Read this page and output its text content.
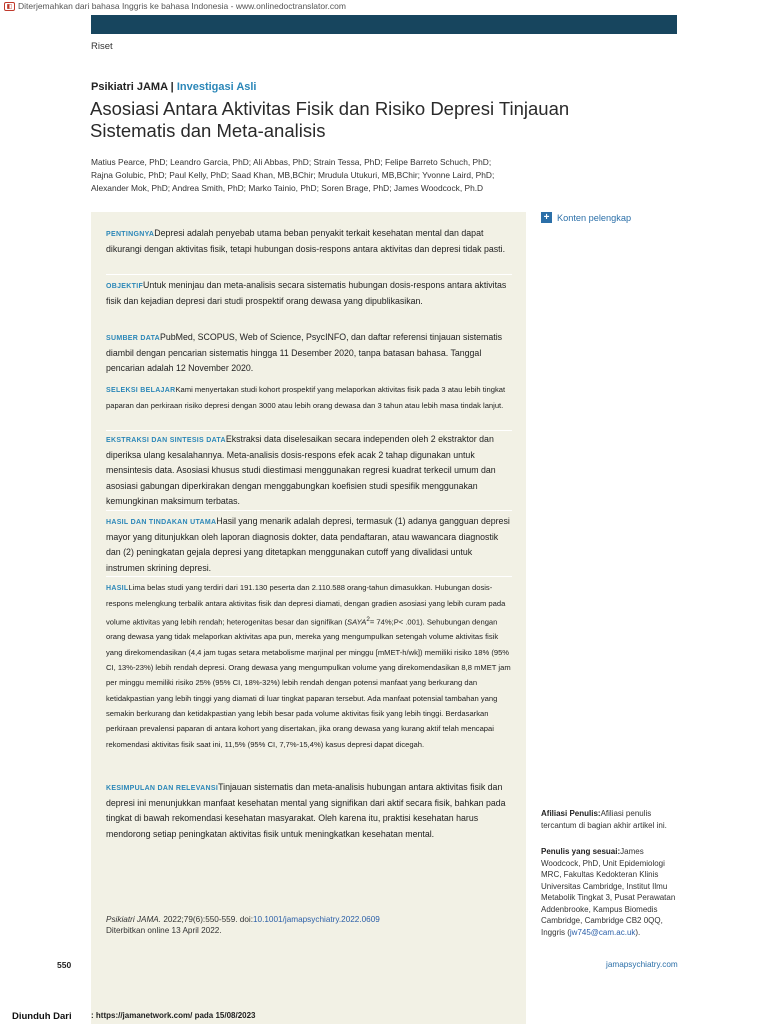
◧ Diterjemahkan dari bahasa Inggris ke bahasa Indonesia - www.onlinedoctranslator.com
Riset
Psikiatri JAMA | Investigasi Asli
Asosiasi Antara Aktivitas Fisik dan Risiko Depresi Tinjauan Sistematis dan Meta-analisis
Matius Pearce, PhD; Leandro Garcia, PhD; Ali Abbas, PhD; Strain Tessa, PhD; Felipe Barreto Schuch, PhD; Rajna Golubic, PhD; Paul Kelly, PhD; Saad Khan, MB,BChir; Mrudula Utukuri, MB,BChir; Yvonne Laird, PhD; Alexander Mok, PhD; Andrea Smith, PhD; Marko Tainio, PhD; Soren Brage, PhD; James Woodcock, Ph.D
PENTINGNYADepresi adalah penyebab utama beban penyakit terkait kesehatan mental dan dapat dikurangi dengan aktivitas fisik, tetapi hubungan dosis-respons antara aktivitas dan depresi tidak pasti.
OBJEKTIFUntuk meninjau dan meta-analisis secara sistematis hubungan dosis-respons antara aktivitas fisik dan kejadian depresi dari studi prospektif orang dewasa yang dipublikasikan.
SUMBER DATAPubMed, SCOPUS, Web of Science, PsycINFO, dan daftar referensi tinjauan sistematis diambil dengan pencarian sistematis hingga 11 Desember 2020, tanpa batasan bahasa. Tanggal pencarian adalah 12 November 2020.
SELEKSI BELAJARKami menyertakan studi kohort prospektif yang melaporkan aktivitas fisik pada 3 atau lebih tingkat paparan dan perkiraan risiko depresi dengan 3000 atau lebih orang dewasa dan 3 tahun atau lebih masa tindak lanjut.
EKSTRAKSI DAN SINTESIS DATAEkstraksi data diselesaikan secara independen oleh 2 ekstraktor dan diperiksa ulang kesalahannya. Meta-analisis dosis-respons efek acak 2 tahap digunakan untuk mensintesis data. Asosiasi khusus studi diestimasi menggunakan regresi kuadrat terkecil umum dan asosiasi gabungan diperkirakan dengan menggabungkan koefisien studi spesifik menggunakan kemungkinan maksimum terbatas.
HASIL DAN TINDAKAN UTAMAHasil yang menarik adalah depresi, termasuk (1) adanya gangguan depresi mayor yang ditunjukkan oleh laporan diagnosis dokter, data pendaftaran, atau wawancara diagnostik dan (2) peningkatan gejala depresi yang ditetapkan menggunakan cutoff yang divalidasi untuk instrumen skrining depresi.
HASILLima belas studi yang terdiri dari 191.130 peserta dan 2.110.588 orang-tahun dimasukkan. Hubungan dosis-respons melengkung terbalik antara aktivitas fisik dan depresi diamati, dengan gradien asosiasi yang lebih curam pada volume aktivitas yang lebih rendah; heterogenitas besar dan signifikan ($SAYA^2=$ 74%;P< .001). Sehubungan dengan orang dewasa yang tidak melaporkan aktivitas apa pun, mereka yang mengumpulkan setengah volume aktivitas fisik yang direkomendasikan (4,4 jam tugas setara metabolisme marjinal per minggu [mMET-h/wk]) memiliki risiko 18% (95% CI, 13%-23%) lebih rendah depresi. Orang dewasa yang mengumpulkan volume yang direkomendasikan 8,8 mMET jam per minggu memiliki risiko 25% (95% CI, 18%-32%) lebih rendah dengan potensi manfaat yang berkurang dan ketidakpastian yang lebih tinggi yang diamati di luar tingkat paparan tersebut. Ada manfaat potensial tambahan yang semakin berkurang dan ketidakpastian yang lebih besar pada volume aktivitas fisik yang lebih tinggi. Berdasarkan perkiraan prevalensi paparan di antara kohort yang disertakan, jika orang dewasa yang kurang aktif telah mencapai rekomendasi aktivitas fisik saat ini, 11,5% (95% CI, 7,7%-15,4%) kasus depresi dapat dicegah.
KESIMPULAN DAN RELEVANSITinjauan sistematis dan meta-analisis hubungan antara aktivitas fisik dan depresi ini menunjukkan manfaat kesehatan mental yang signifikan dari aktif secara fisik, bahkan pada tingkat di bawah rekomendasi kesehatan masyarakat. Oleh karena itu, praktisi kesehatan harus mendorong setiap peningkatan aktivitas fisik untuk meningkatkan kesehatan mental.
Psikiatri JAMA. 2022;79(6):550-559. doi:10.1001/jamapsychiatry.2022.0609
Diterbitkan online 13 April 2022.
+ Konten pelengkap
Afiliasi Penulis:Afiliasi penulis tercantum di bagian akhir artikel ini.
Penulis yang sesuai:James Woodcock, PhD, Unit Epidemiologi MRC, Fakultas Kedokteran Klinis Universitas Cambridge, Institut Ilmu Metabolik Tingkat 3, Pusat Perawatan Addenbrooke, Kampus Biomedis Cambridge, Cambridge CB2 0QQ, Inggris (jw745@cam.ac.uk).
550	jamapsychiatry.com
Diunduh Dari : https://jamanetwork.com/ pada 15/08/2023
